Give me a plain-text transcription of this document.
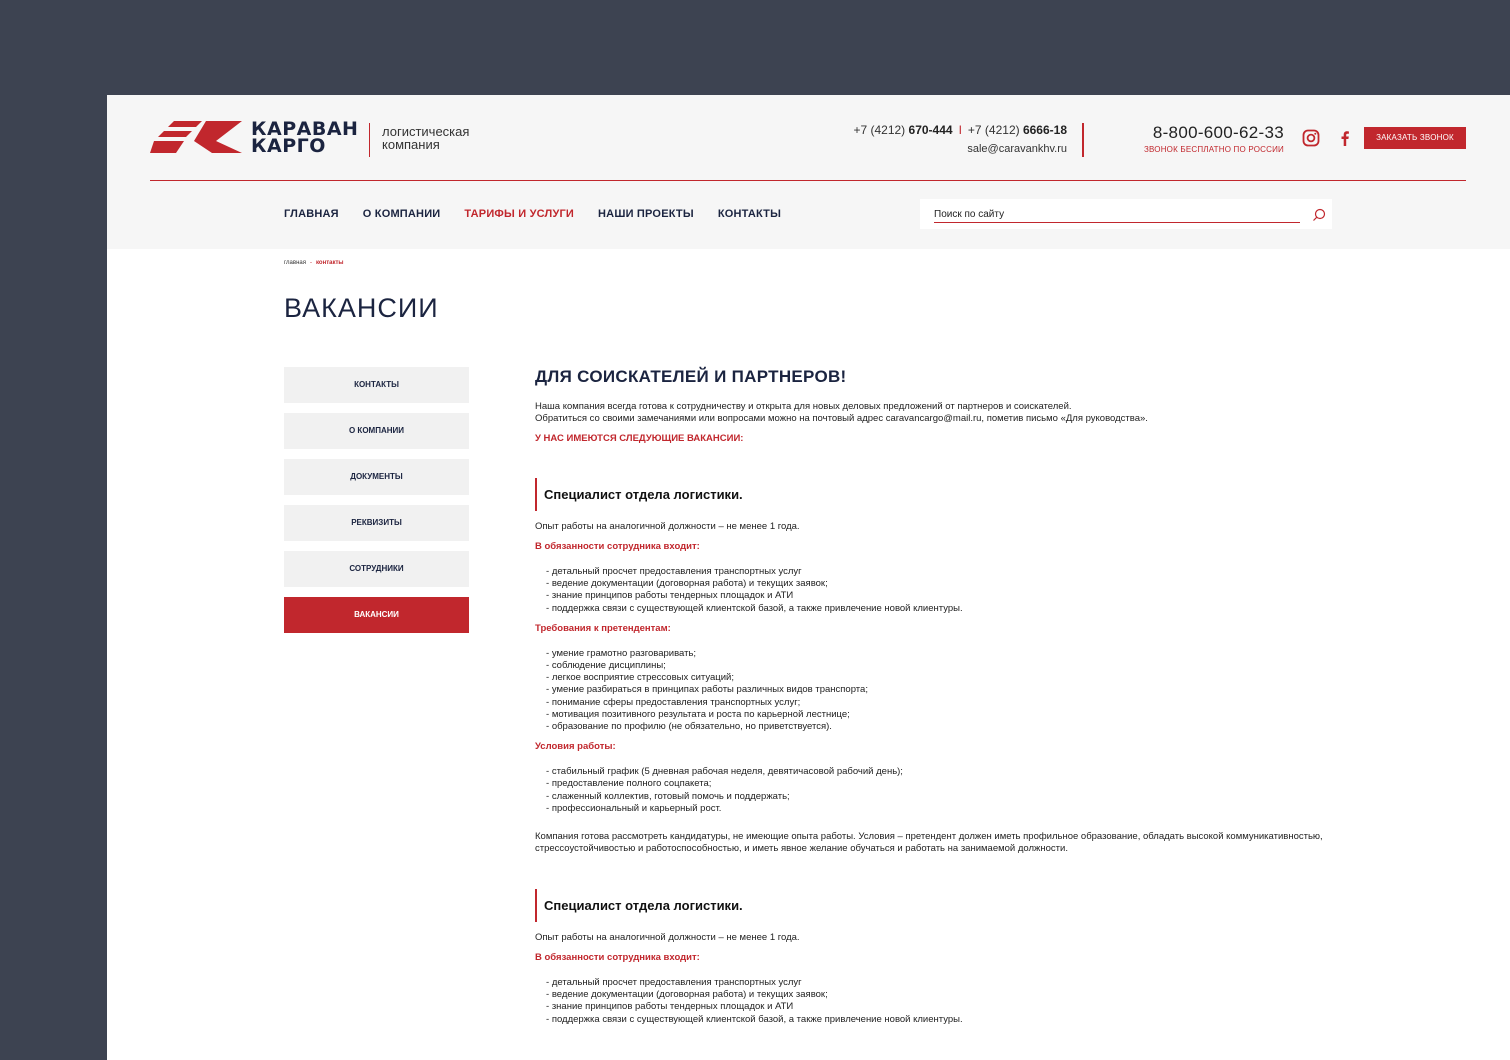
КАРАВАН
КАРГО
логистическая
компания
+7 (4212) 670-444 I +7 (4212) 6666-18
sale@caravankhv.ru
8-800-600-62-33
ЗВОНОК БЕСПЛАТНО ПО РОССИИ
ЗАКАЗАТЬ ЗВОНОК
ГЛАВНАЯ О КОМПАНИИ ТАРИФЫ И УСЛУГИ НАШИ ПРОЕКТЫ КОНТАКТЫ
Поиск по сайту
главная - контакты
ВАКАНСИИ
КОНТАКТЫ
О КОМПАНИИ
ДОКУМЕНТЫ
РЕКВИЗИТЫ
СОТРУДНИКИ
ВАКАНСИИ
ДЛЯ СОИСКАТЕЛЕЙ И ПАРТНЕРОВ!
Наша компания всегда готова к сотрудничеству и открыта для новых деловых предложений от партнеров и соискателей.
Обратиться со своими замечаниями или вопросами можно на почтовый адрес caravancargo@mail.ru, пометив письмо «Для руководства».
У НАС ИМЕЮТСЯ СЛЕДУЮЩИЕ ВАКАНСИИ:
Специалист отдела логистики.
Опыт работы на аналогичной должности – не менее 1 года.
В обязанности сотрудника входит:
- детальный просчет предоставления транспортных услуг
- ведение документации (договорная работа) и текущих заявок;
- знание принципов работы тендерных площадок и АТИ
- поддержка связи с существующей клиентской базой, а также привлечение новой клиентуры.
Требования к претендентам:
- умение грамотно разговаривать;
- соблюдение дисциплины;
- легкое восприятие стрессовых ситуаций;
- умение разбираться в принципах работы различных видов транспорта;
- понимание сферы предоставления транспортных услуг;
- мотивация позитивного результата и роста по карьерной лестнице;
- образование по профилю (не обязательно, но приветствуется).
Условия работы:
- стабильный график (5 дневная рабочая неделя, девятичасовой рабочий день);
- предоставление полного соцпакета;
- слаженный коллектив, готовый помочь и поддержать;
- профессиональный и карьерный рост.
Компания готова рассмотреть кандидатуры, не имеющие опыта работы. Условия – претендент должен иметь профильное образование, обладать высокой коммуникативностью, стрессоустойчивостью и работоспособностью, и иметь явное желание обучаться и работать на занимаемой должности.
Специалист отдела логистики.
Опыт работы на аналогичной должности – не менее 1 года.
В обязанности сотрудника входит:
- детальный просчет предоставления транспортных услуг
- ведение документации (договорная работа) и текущих заявок;
- знание принципов работы тендерных площадок и АТИ
- поддержка связи с существующей клиентской базой, а также привлечение новой клиентуры.
